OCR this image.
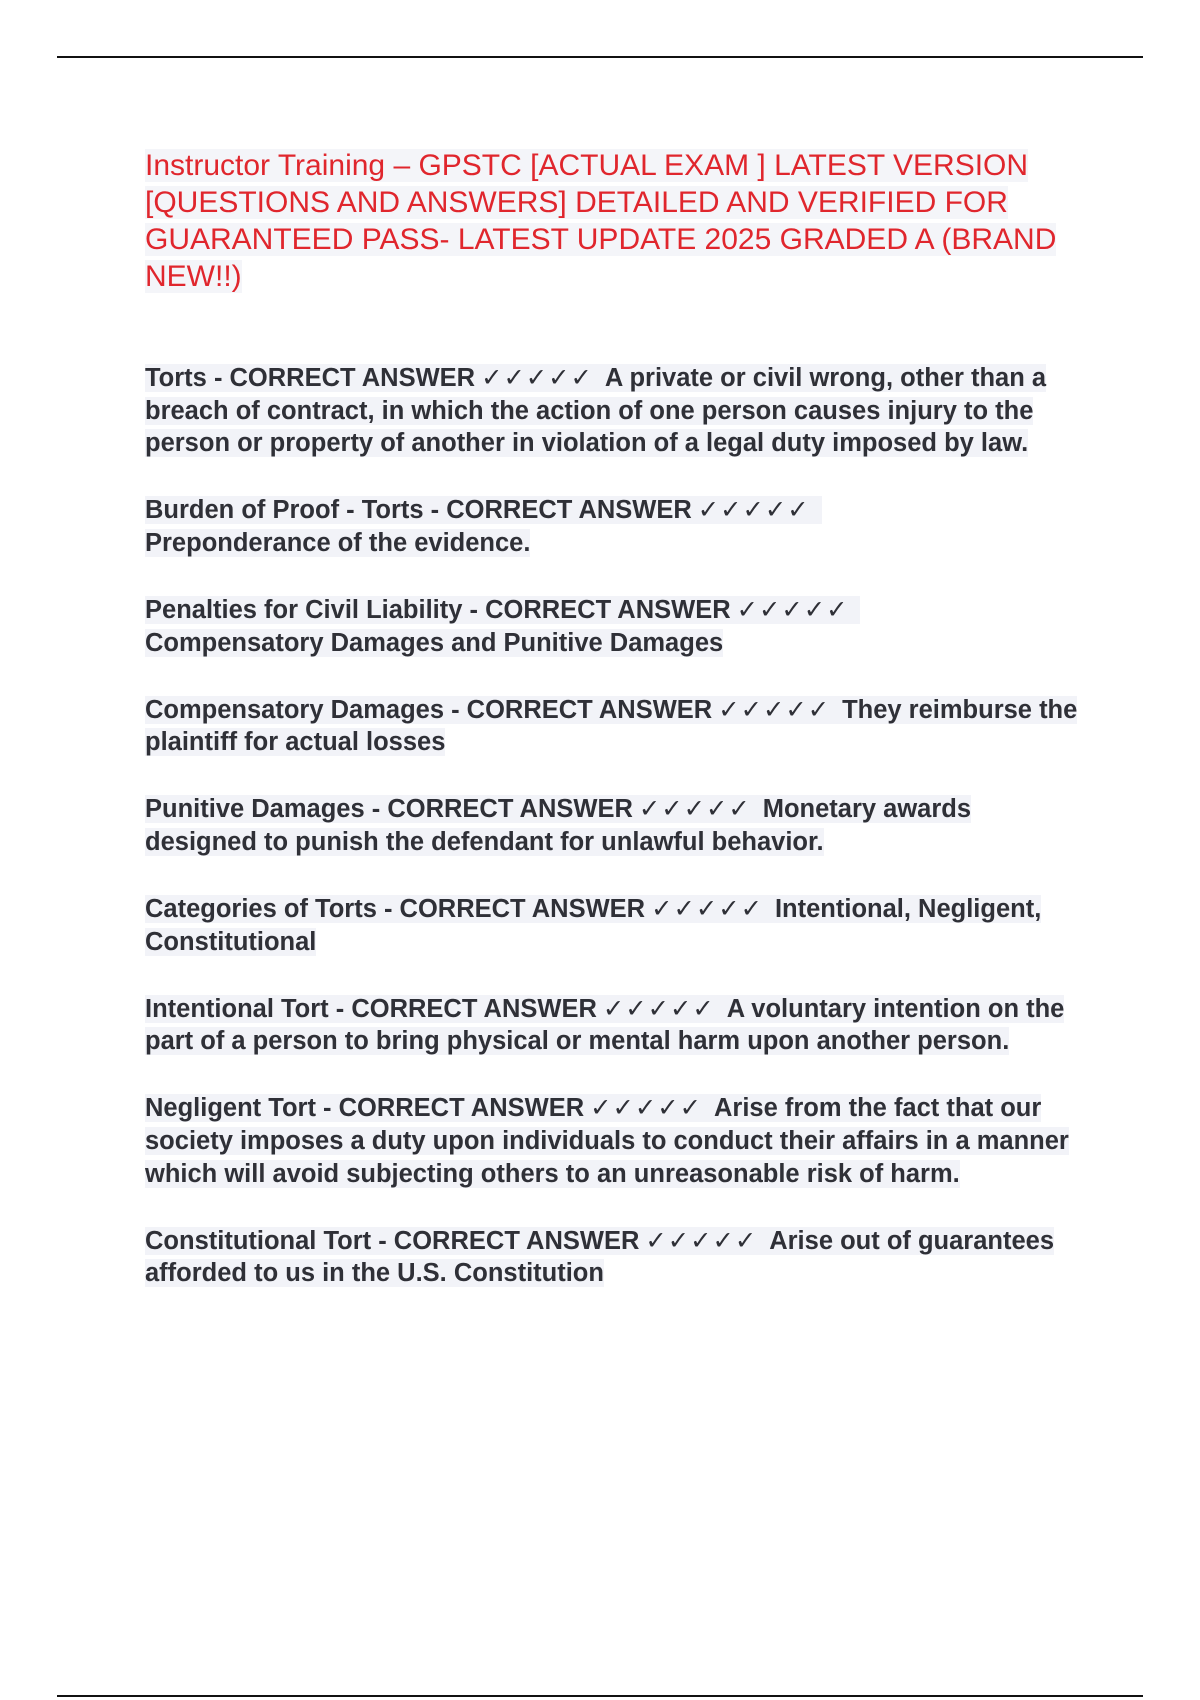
Instructor Training – GPSTC [ACTUAL EXAM ] LATEST VERSION [QUESTIONS AND ANSWERS] DETAILED AND VERIFIED FOR GUARANTEED PASS- LATEST UPDATE 2025 GRADED A (BRAND NEW!!)
Torts - CORRECT ANSWER ✓✓✓✓✓ A private or civil wrong, other than a breach of contract, in which the action of one person causes injury to the person or property of another in violation of a legal duty imposed by law.
Burden of Proof - Torts - CORRECT ANSWER ✓✓✓✓✓
Preponderance of the evidence.
Penalties for Civil Liability - CORRECT ANSWER ✓✓✓✓✓
Compensatory Damages and Punitive Damages
Compensatory Damages - CORRECT ANSWER ✓✓✓✓✓ They reimburse the plaintiff for actual losses
Punitive Damages - CORRECT ANSWER ✓✓✓✓✓ Monetary awards designed to punish the defendant for unlawful behavior.
Categories of Torts - CORRECT ANSWER ✓✓✓✓✓ Intentional, Negligent, Constitutional
Intentional Tort - CORRECT ANSWER ✓✓✓✓✓ A voluntary intention on the part of a person to bring physical or mental harm upon another person.
Negligent Tort - CORRECT ANSWER ✓✓✓✓✓ Arise from the fact that our society imposes a duty upon individuals to conduct their affairs in a manner which will avoid subjecting others to an unreasonable risk of harm.
Constitutional Tort - CORRECT ANSWER ✓✓✓✓✓ Arise out of guarantees afforded to us in the U.S. Constitution
